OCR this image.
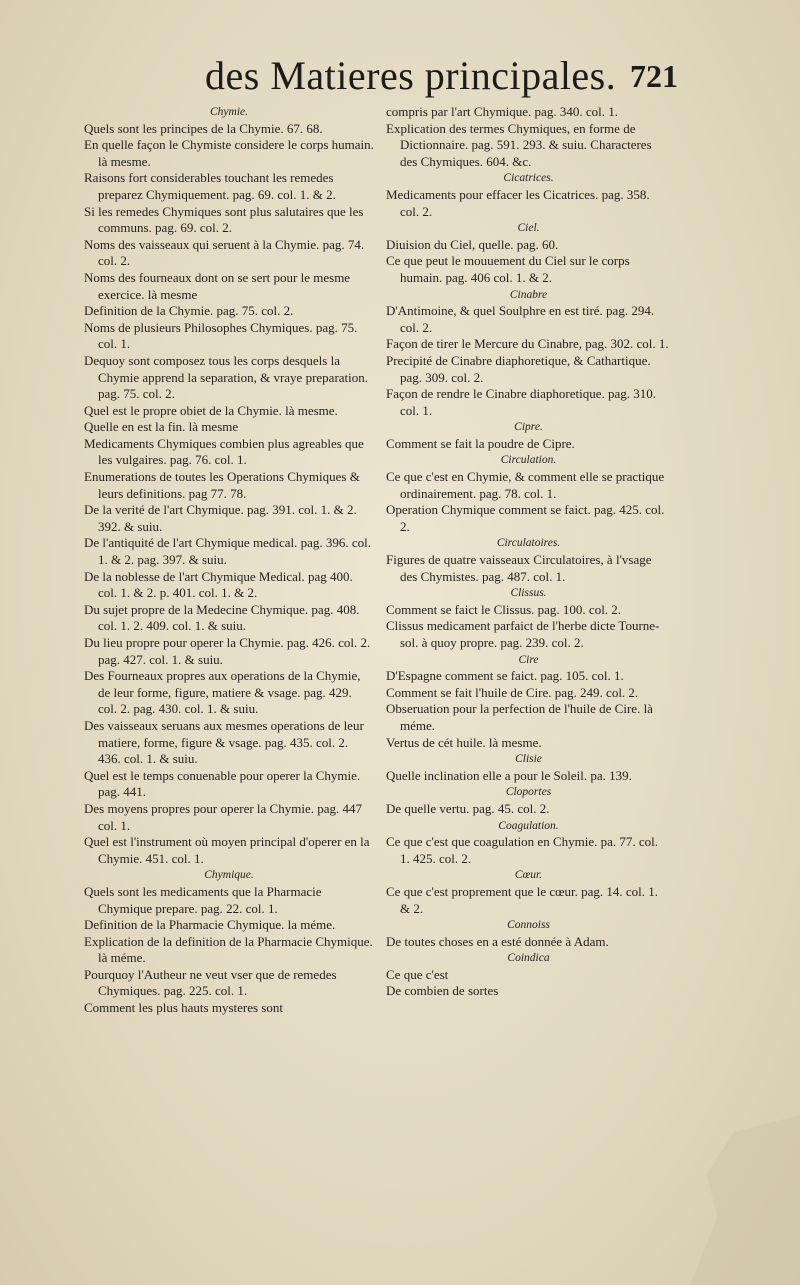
des Matieres principales. 721

Chymie.

Quels sont les principes de la Chymie. 67. 68.

En quelle façon le Chymiste considere le corps humain. là mesme.

Raisons fort considerables touchant les remedes preparez Chymiquement. pag. 69. col. 1. & 2.

Si les remedes Chymiques sont plus salutaires que les communs. pag. 69. col. 2.

Noms des vaisseaux qui seruent à la Chymie. pag. 74. col. 2.

Noms des fourneaux dont on se sert pour le mesme exercice. là mesme

Definition de la Chymie. pag. 75. col. 2.

Noms de plusieurs Philosophes Chymiques. pag. 75. col. 1.

Dequoy sont composez tous les corps desquels la Chymie apprend la separation, & vraye preparation. pag. 75. col. 2.

Quel est le propre obiet de la Chymie. là mesme.

Quelle en est la fin. là mesme

Medicaments Chymiques combien plus agreables que les vulgaires. pag. 76. col. 1.

Enumerations de toutes les Operations Chymiques & leurs definitions. pag 77. 78.

De la verité de l'art Chymique. pag. 391. col. 1. & 2. 392. & suiu.

De l'antiquité de l'art Chymique medical. pag. 396. col. 1. & 2. pag. 397. & suiu.

De la noblesse de l'art Chymique Medical. pag 400. col. 1. & 2. p. 401. col. 1. & 2.

Du sujet propre de la Medecine Chymique. pag. 408. col. 1. 2. 409. col. 1. & suiu.

Du lieu propre pour operer la Chymie. pag. 426. col. 2. pag. 427. col. 1. & suiu.

Des Fourneaux propres aux operations de la Chymie, de leur forme, figure, matiere & vsage. pag. 429. col. 2. pag. 430. col. 1. & suiu.

Des vaisseaux seruans aux mesmes operations de leur matiere, forme, figure & vsage. pag. 435. col. 2. 436. col. 1. & suiu.

Quel est le temps conuenable pour operer la Chymie. pag. 441.

Des moyens propres pour operer la Chymie. pag. 447 col. 1.

Quel est l'instrument où moyen principal d'operer en la Chymie. 451. col. 1.

Chymique.

Quels sont les medicaments que la Pharmacie Chymique prepare. pag. 22. col. 1.

Definition de la Pharmacie Chymique. la méme.

Explication de la definition de la Pharmacie Chymique. là méme.

Pourquoy l'Autheur ne veut vser que de remedes Chymiques. pag. 225. col. 1.

Comment les plus hauts mysteres sont

compris par l'art Chymique. pag. 340. col. 1.

Explication des termes Chymiques, en forme de Dictionnaire. pag. 591. 293. & suiu. Characteres des Chymiques. 604. &c.

Cicatrices.

Medicaments pour effacer les Cicatrices. pag. 358. col. 2.

Ciel.

Diuision du Ciel, quelle. pag. 60.

Ce que peut le mouuement du Ciel sur le corps humain. pag. 406 col. 1. & 2.

Cinabre

D'Antimoine, & quel Soulphre en est tiré. pag. 294. col. 2.

Façon de tirer le Mercure du Cinabre, pag. 302. col. 1.

Precipité de Cinabre diaphoretique, & Cathartique. pag. 309. col. 2.

Façon de rendre le Cinabre diaphoretique. pag. 310. col. 1.

Cipre.

Comment se fait la poudre de Cipre.

Circulation.

Ce que c'est en Chymie, & comment elle se practique ordinairement. pag. 78. col. 1.

Operation Chymique comment se faict. pag. 425. col. 2.

Circulatoires.

Figures de quatre vaisseaux Circulatoires, à l'vsage des Chymistes. pag. 487. col. 1.

Clissus.

Comment se faict le Clissus. pag. 100. col. 2.

Clissus medicament parfaict de l'herbe dicte Tourne-sol. à quoy propre. pag. 239. col. 2.

Cire

D'Espagne comment se faict. pag. 105. col. 1.

Comment se fait l'huile de Cire. pag. 249. col. 2.

Obseruation pour la perfection de l'huile de Cire. là méme.

Vertus de cét huile. là mesme.

Clisie

Quelle inclination elle a pour le Soleil. pa. 139.

Cloportes

De quelle vertu. pag. 45. col. 2.

Coagulation.

Ce que c'est que coagulation en Chymie. pa. 77. col. 1. 425. col. 2.

Cœur.

Ce que c'est proprement que le cœur. pag. 14. col. 1. & 2.

Connoiss

De toutes choses en a esté donnée à Adam.

Coindica

Ce que c'est

De combien de sortes
